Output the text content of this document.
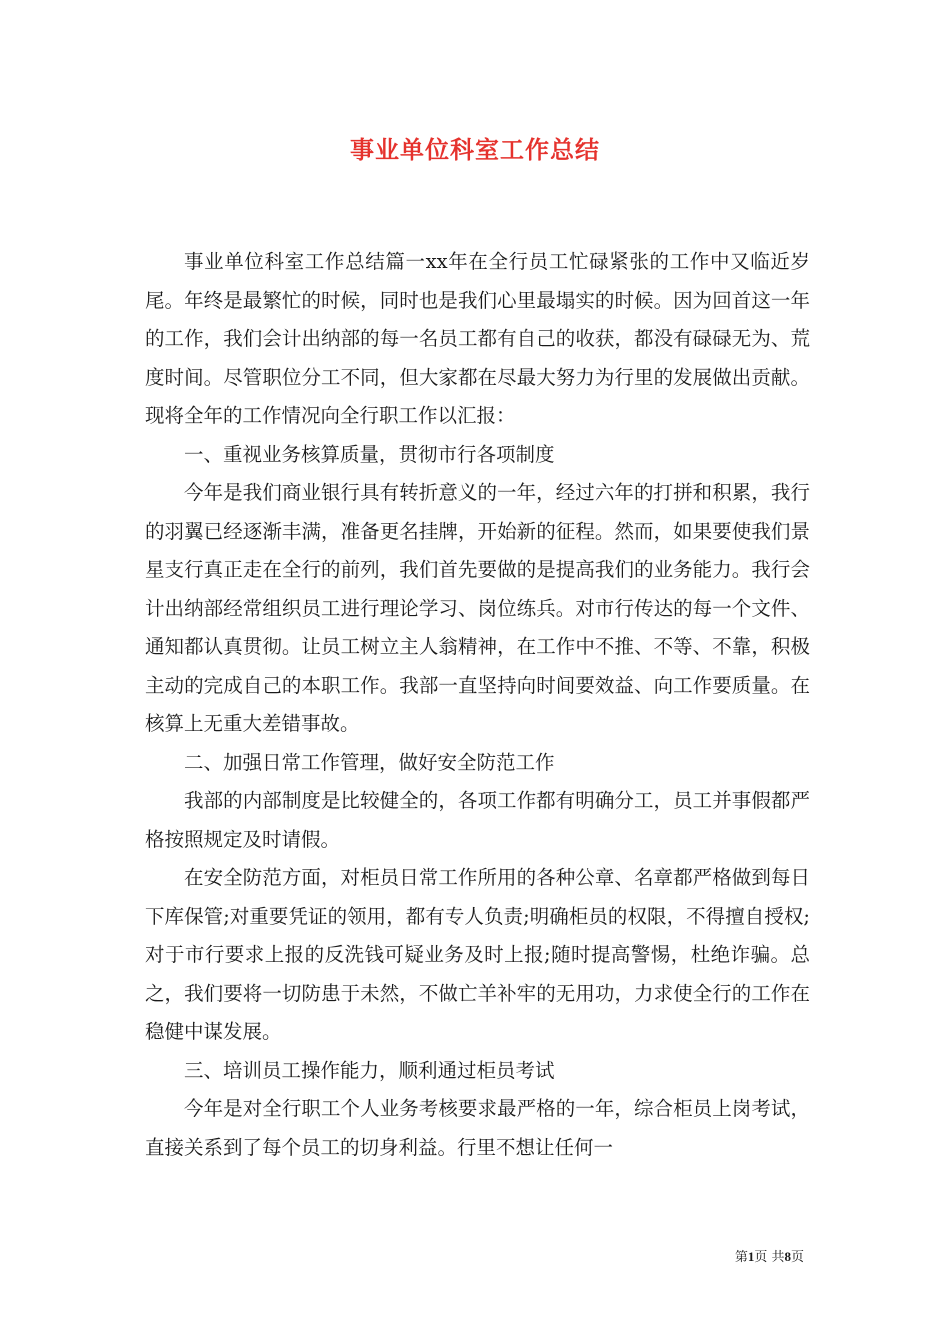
事业单位科室工作总结

事业单位科室工作总结篇一xx年在全行员工忙碌紧张的工作中又临近岁尾。年终是最繁忙的时候，同时也是我们心里最塌实的时候。因为回首这一年的工作，我们会计出纳部的每一名员工都有自己的收获，都没有碌碌无为、荒度时间。尽管职位分工不同，但大家都在尽最大努力为行里的发展做出贡献。现将全年的工作情况向全行职工作以汇报：

一、重视业务核算质量，贯彻市行各项制度

今年是我们商业银行具有转折意义的一年，经过六年的打拼和积累，我行的羽翼已经逐渐丰满，准备更名挂牌，开始新的征程。然而，如果要使我们景星支行真正走在全行的前列，我们首先要做的是提高我们的业务能力。我行会计出纳部经常组织员工进行理论学习、岗位练兵。对市行传达的每一个文件、通知都认真贯彻。让员工树立主人翁精神，在工作中不推、不等、不靠，积极主动的完成自己的本职工作。我部一直坚持向时间要效益、向工作要质量。在核算上无重大差错事故。

二、加强日常工作管理，做好安全防范工作

我部的内部制度是比较健全的，各项工作都有明确分工，员工并事假都严格按照规定及时请假。

在安全防范方面，对柜员日常工作所用的各种公章、名章都严格做到每日下库保管;对重要凭证的领用，都有专人负责;明确柜员的权限，不得擅自授权;对于市行要求上报的反洗钱可疑业务及时上报;随时提高警惕，杜绝诈骗。总之，我们要将一切防患于未然，不做亡羊补牢的无用功，力求使全行的工作在稳健中谋发展。

三、培训员工操作能力，顺利通过柜员考试

今年是对全行职工个人业务考核要求最严格的一年，综合柜员上岗考试，直接关系到了每个员工的切身利益。行里不想让任何一

第1页 共8页
